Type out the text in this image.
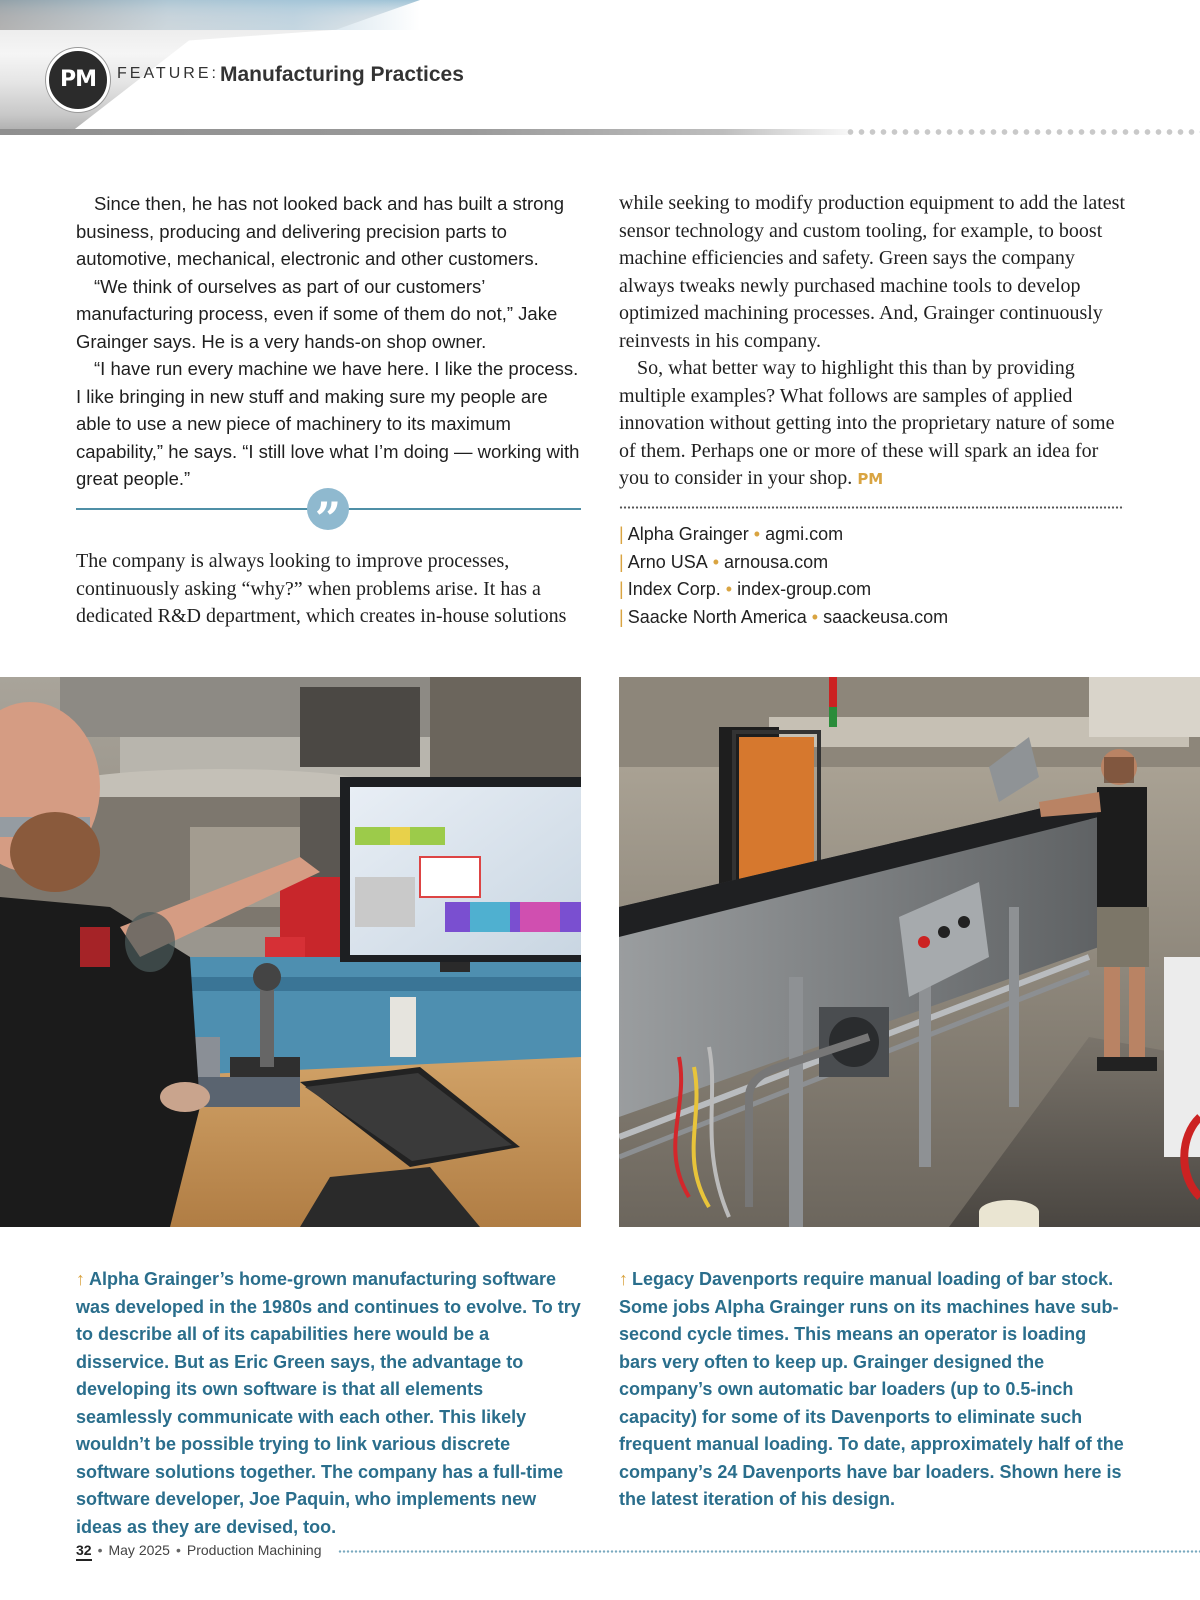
PM	FEATURE: Manufacturing Practices

Since then, he has not looked back and has built a strong business, producing and delivering precision parts to automotive, mechanical, electronic and other customers.

“We think of ourselves as part of our customers’ manufacturing process, even if some of them do not,” Jake Grainger says. He is a very hands-on shop owner.

“I have run every machine we have here. I like the process. I like bringing in new stuff and making sure my people are able to use a new piece of machinery to its maximum capability,” he says. “I still love what I’m doing — working with great people.”

”

The company is always looking to improve processes, continuously asking “why?” when problems arise. It has a dedicated R&D department, which creates in-house solutions

while seeking to modify production equipment to add the latest sensor technology and custom tooling, for example, to boost machine efficiencies and safety. Green says the company always tweaks newly purchased machine tools to develop optimized machining processes. And, Grainger continuously reinvests in his company.

So, what better way to highlight this than by providing multiple examples? What follows are samples of applied innovation without getting into the proprietary nature of some of them. Perhaps one or more of these will spark an idea for you to consider in your shop. PM

| Alpha Grainger • agmi.com
| Arno USA • arnousa.com
| Index Corp. • index-group.com
| Saacke North America • saackeusa.com

↑ Alpha Grainger’s home-grown manufacturing software was developed in the 1980s and continues to evolve. To try to describe all of its capabilities here would be a disservice. But as Eric Green says, the advantage to developing its own software is that all elements seamlessly communicate with each other. This likely wouldn’t be possible trying to link various discrete software solutions together. The company has a full-time software developer, Joe Paquin, who implements new ideas as they are devised, too.

↑ Legacy Davenports require manual loading of bar stock. Some jobs Alpha Grainger runs on its machines have sub-second cycle times. This means an operator is loading bars very often to keep up. Grainger designed the company’s own automatic bar loaders (up to 0.5-inch capacity) for some of its Davenports to eliminate such frequent manual loading. To date, approximately half of the company’s 24 Davenports have bar loaders. Shown here is the latest iteration of his design.

32 • May 2025 • Production Machining
